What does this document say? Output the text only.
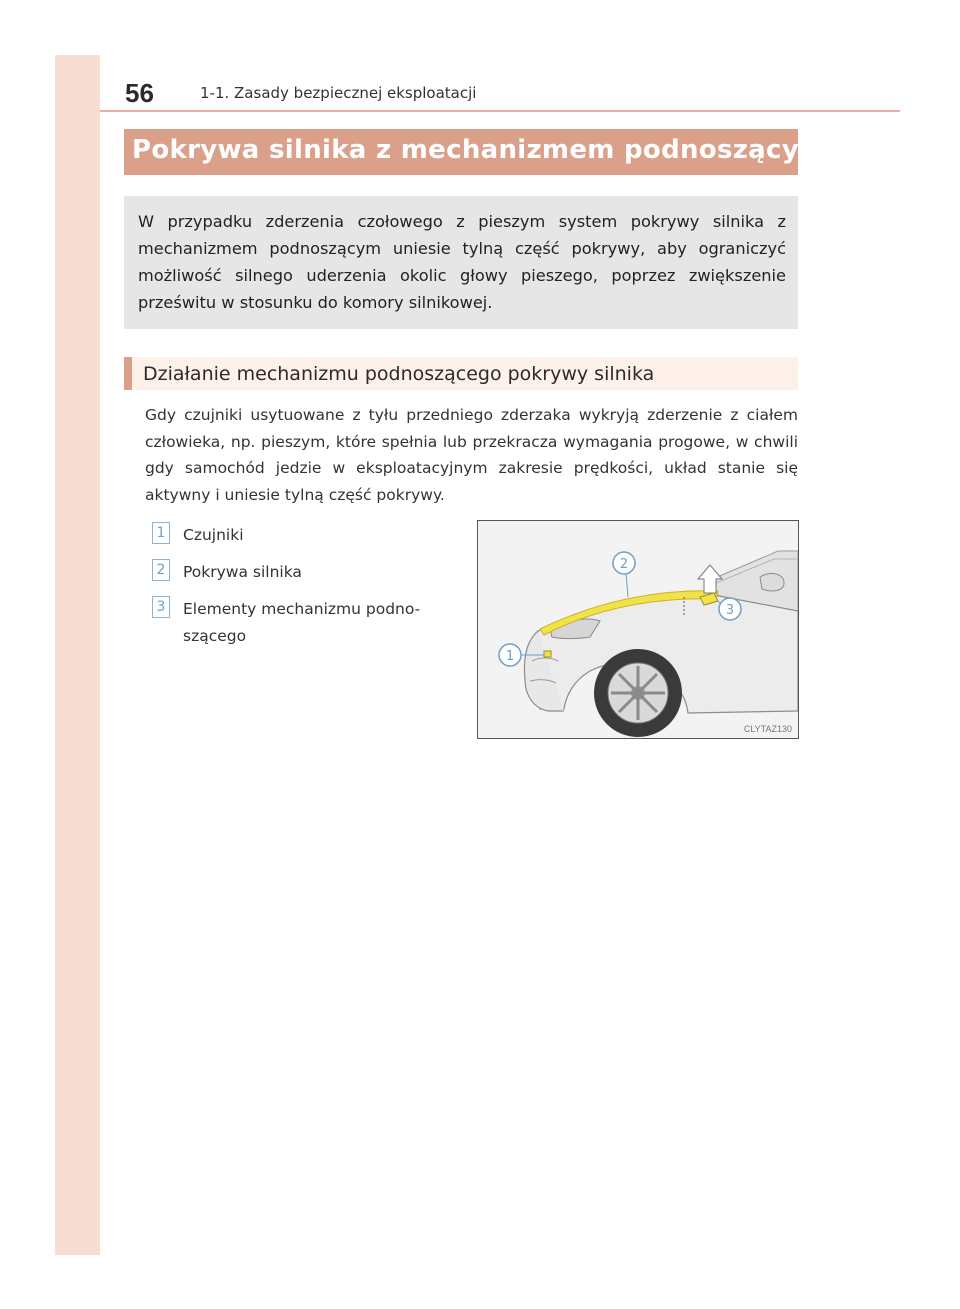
56	1-1. Zasady bezpiecznej eksploatacji
Pokrywa silnika z mechanizmem podnoszącym

W przypadku zderzenia czołowego z pieszym system pokrywy silnika z mechanizmem podnoszącym uniesie tylną część pokrywy, aby ograniczyć możliwość silnego uderzenia okolic głowy pieszego, poprzez zwiększenie prześwitu w stosunku do komory silnikowej.

Działanie mechanizmu podnoszącego pokrywy silnika

Gdy czujniki usytuowane z tyłu przedniego zderzaka wykryją zderzenie z ciałem człowieka, np. pieszym, które spełnia lub przekracza wymagania progowe, w chwili gdy samochód jedzie w eksploatacyjnym zakresie prędkości, układ stanie się aktywny i uniesie tylną część pokrywy.

1 Czujniki
2 Pokrywa silnika
3 Elementy mechanizmu podno-szącego
1
2
3
CLYTAZ130
